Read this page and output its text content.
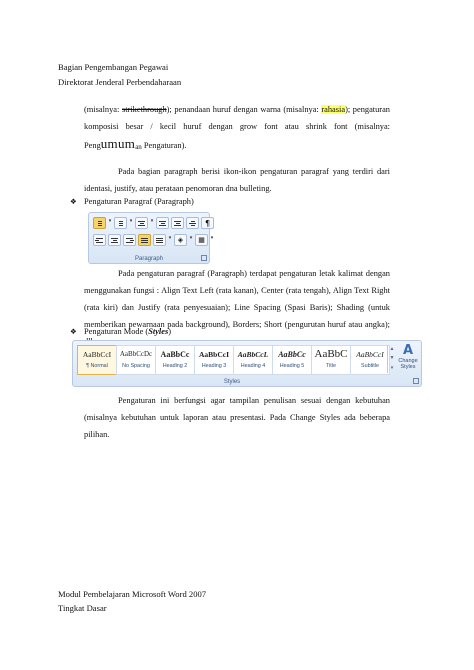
Bagian Pengembangan Pegawai
Direktorat Jenderal Perbendaharaan
(misalnya: strikethrough); penandaan huruf dengan warna (misalnya: rahasia); pengaturan komposisi besar / kecil huruf dengan grow font atau shrink font (misalnya: Pengumuman Pengaturan).
Pada bagian paragraph berisi ikon-ikon pengaturan paragraf yang terdiri dari identasi, justify, atau perataan penomoran dna bulleting.
❖ Pengaturan Paragraf (Paragraph)
▾	▾	▾	¶
▾ ◈	▾ ▦	▾
Paragraph
Pada pengaturan paragraf (Paragraph) terdapat pengaturan letak kalimat dengan menggunakan fungsi : Align Text Left (rata kanan), Center (rata tengah), Align Text Right (rata kiri) dan Justify (rata penyesuaian); Line Spacing (Spasi Baris); Shading (untuk memberikan pewarnaan pada background), Borders; Short (pengurutan huruf atau angka);
❖ Pengaturan Mode (Styles)
AaBbCcI
¶ Normal
AaBbCcDc
No Spacing
AaBbCc
Heading 2
AaBbCcI
Heading 3
AaBbCcL
Heading 4
AaBbCc
Heading 5
AaBbC
Title
AaBbCcI
Subtitle
▲
▼
▾
A
Change Styles
Styles
Pengaturan ini berfungsi agar tampilan penulisan sesuai dengan kebutuhan (misalnya kebutuhan untuk laporan atau presentasi. Pada Change Styles ada beberapa pilihan.
Modul Pembelajaran Microsoft Word 2007
Tingkat Dasar
